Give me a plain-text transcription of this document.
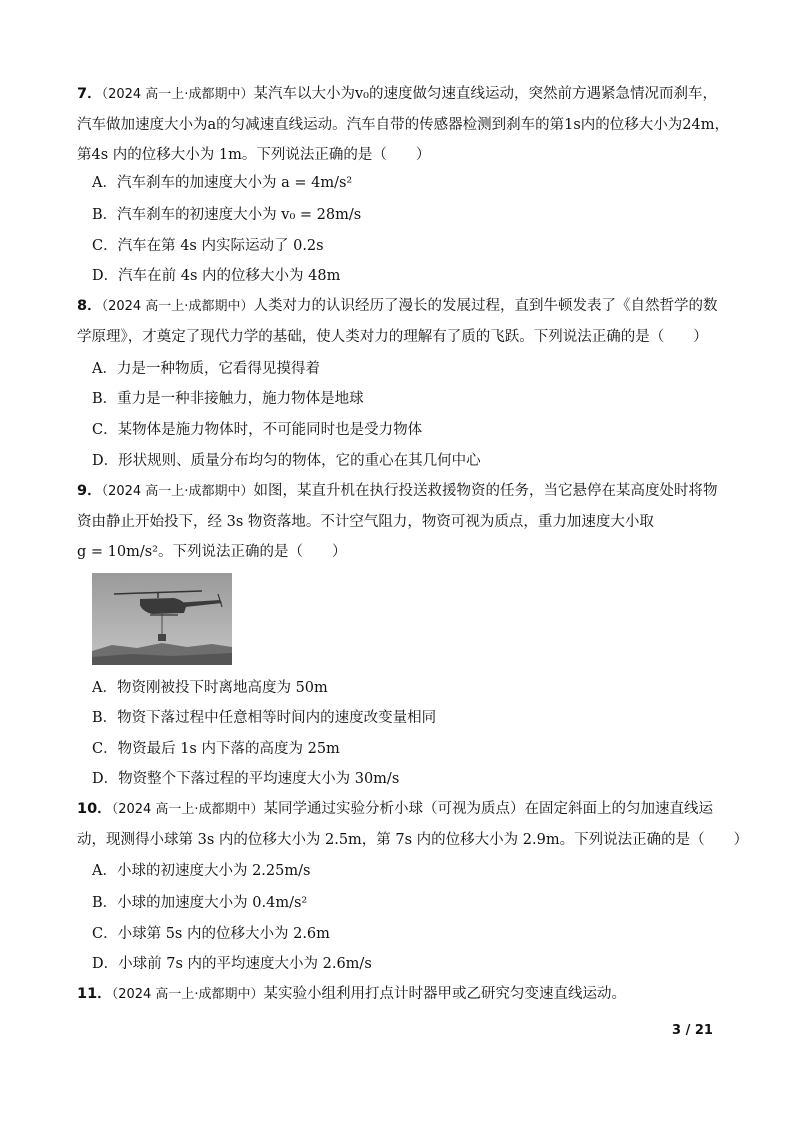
7．（2024 高一上·成都期中）某汽车以大小为v₀的速度做匀速直线运动，突然前方遇紧急情况而刹车，
汽车做加速度大小为a的匀减速直线运动。汽车自带的传感器检测到刹车的第1s内的位移大小为24m，
第4s 内的位移大小为 1m。下列说法正确的是（　　）
A．汽车刹车的加速度大小为 a = 4m/s²
B．汽车刹车的初速度大小为 v₀ = 28m/s
C．汽车在第 4s 内实际运动了 0.2s
D．汽车在前 4s 内的位移大小为 48m
8．（2024 高一上·成都期中）人类对力的认识经历了漫长的发展过程，直到牛顿发表了《自然哲学的数
学原理》，才奠定了现代力学的基础，使人类对力的理解有了质的飞跃。下列说法正确的是（　　）
A．力是一种物质，它看得见摸得着
B．重力是一种非接触力，施力物体是地球
C．某物体是施力物体时，不可能同时也是受力物体
D．形状规则、质量分布均匀的物体，它的重心在其几何中心
9．（2024 高一上·成都期中）如图，某直升机在执行投送救援物资的任务，当它悬停在某高度处时将物
资由静止开始投下，经 3s 物资落地。不计空气阻力，物资可视为质点，重力加速度大小取
g = 10m/s²。下列说法正确的是（　　）
A．物资刚被投下时离地高度为 50m
B．物资下落过程中任意相等时间内的速度改变量相同
C．物资最后 1s 内下落的高度为 25m
D．物资整个下落过程的平均速度大小为 30m/s
10．（2024 高一上·成都期中）某同学通过实验分析小球（可视为质点）在固定斜面上的匀加速直线运
动，现测得小球第 3s 内的位移大小为 2.5m，第 7s 内的位移大小为 2.9m。下列说法正确的是（　　）
A．小球的初速度大小为 2.25m/s
B．小球的加速度大小为 0.4m/s²
C．小球第 5s 内的位移大小为 2.6m
D．小球前 7s 内的平均速度大小为 2.6m/s
11．（2024 高一上·成都期中）某实验小组利用打点计时器甲或乙研究匀变速直线运动。
3 / 21
